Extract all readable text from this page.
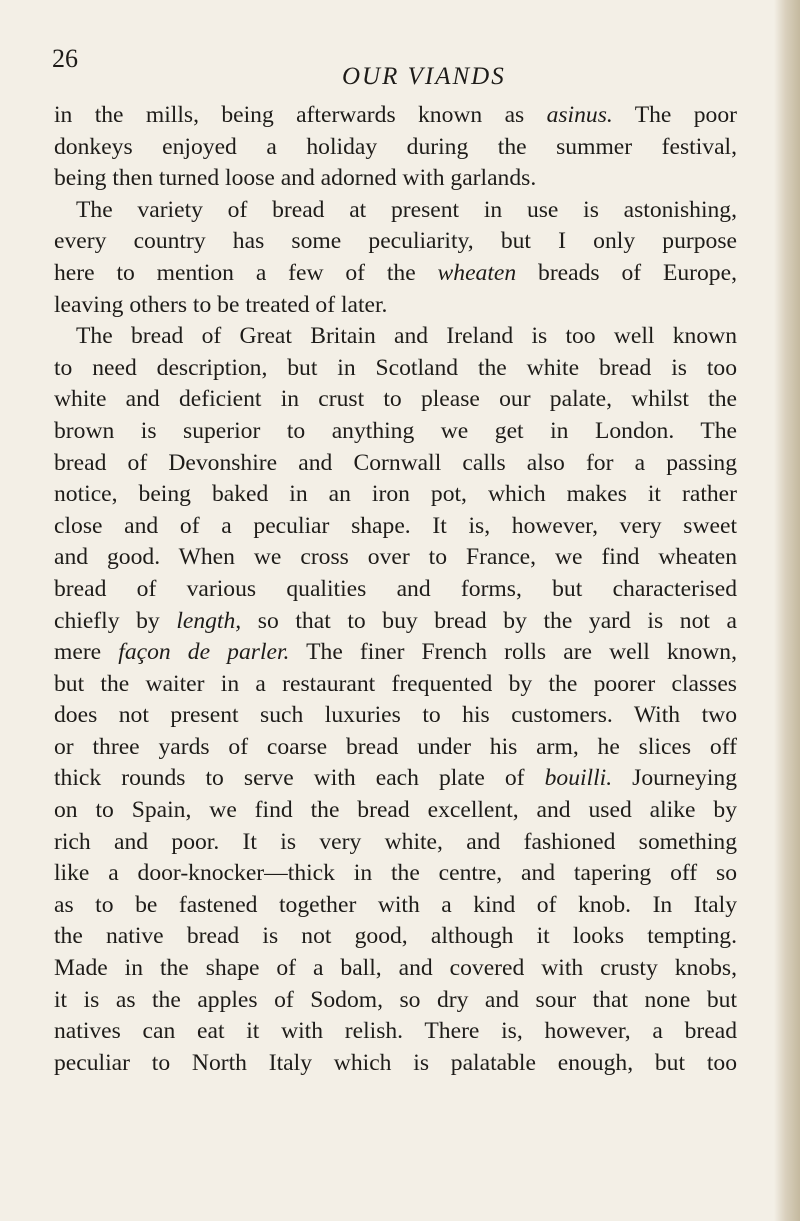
26
OUR VIANDS
in the mills, being afterwards known as asinus. The poor
donkeys enjoyed a holiday during the summer festival,
being then turned loose and adorned with garlands.
The variety of bread at present in use is astonishing,
every country has some peculiarity, but I only purpose
here to mention a few of the wheaten breads of Europe,
leaving others to be treated of later.
The bread of Great Britain and Ireland is too well known
to need description, but in Scotland the white bread is too
white and deficient in crust to please our palate, whilst the
brown is superior to anything we get in London. The
bread of Devonshire and Cornwall calls also for a passing
notice, being baked in an iron pot, which makes it rather
close and of a peculiar shape. It is, however, very sweet
and good. When we cross over to France, we find wheaten
bread of various qualities and forms, but characterised
chiefly by length, so that to buy bread by the yard is not a
mere façon de parler. The finer French rolls are well known,
but the waiter in a restaurant frequented by the poorer classes
does not present such luxuries to his customers. With two
or three yards of coarse bread under his arm, he slices off
thick rounds to serve with each plate of bouilli. Journeying
on to Spain, we find the bread excellent, and used alike by
rich and poor. It is very white, and fashioned something
like a door-knocker—thick in the centre, and tapering off so
as to be fastened together with a kind of knob. In Italy
the native bread is not good, although it looks tempting.
Made in the shape of a ball, and covered with crusty knobs,
it is as the apples of Sodom, so dry and sour that none but
natives can eat it with relish. There is, however, a bread
peculiar to North Italy which is palatable enough, but too
